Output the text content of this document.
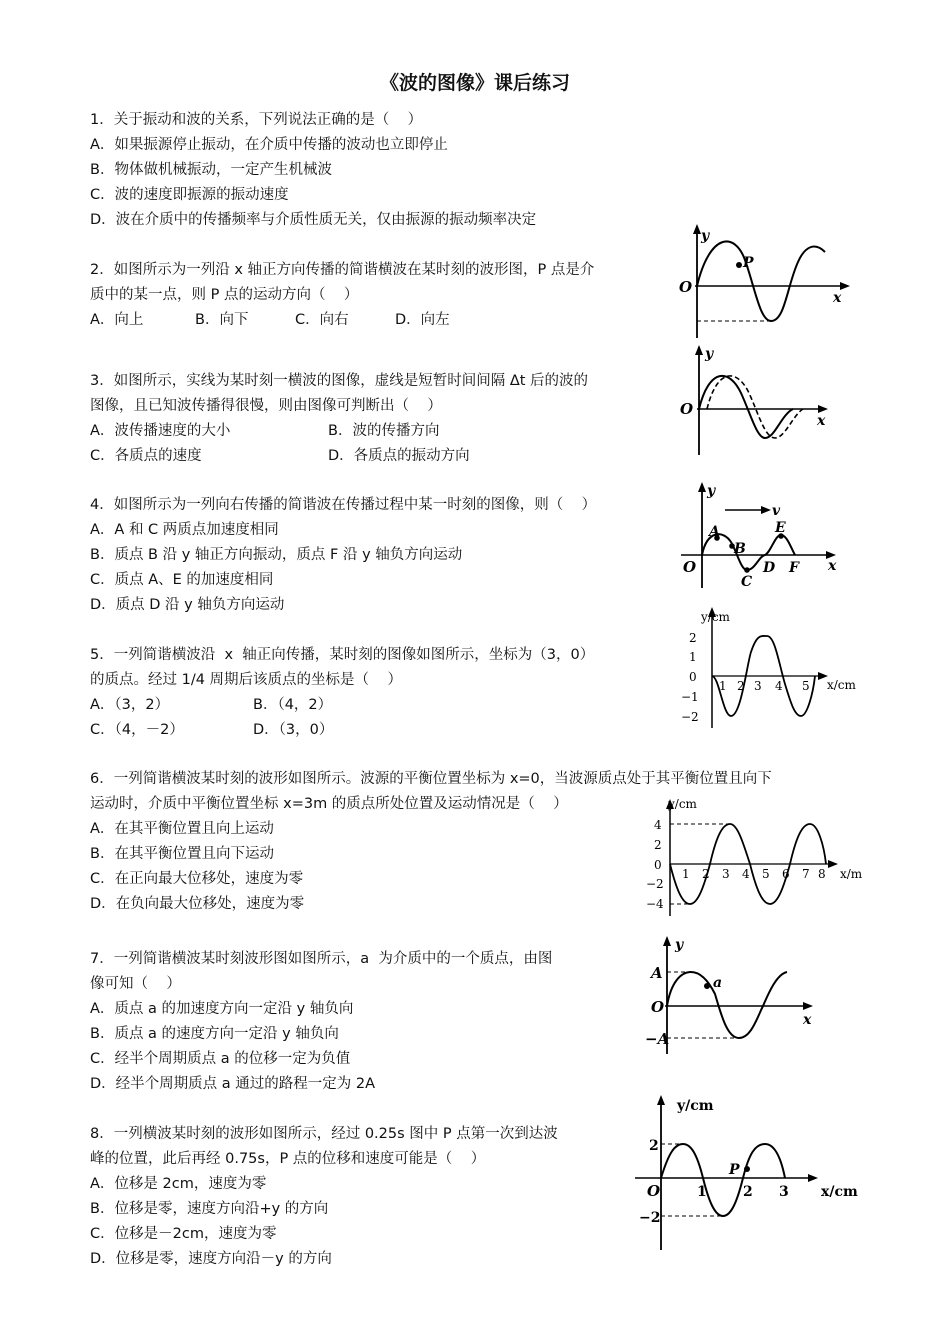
《波的图像》课后练习

1．关于振动和波的关系，下列说法正确的是（    ）

A．如果振源停止振动，在介质中传播的波动也立即停止

B．物体做机械振动，一定产生机械波

C．波的速度即振源的振动速度

D．波在介质中的传播频率与介质性质无关，仅由振源的振动频率决定

2．如图所示为一列沿 x 轴正方向传播的简谐横波在某时刻的波形图，P 点是介

质中的某一点，则 P 点的运动方向（    ）

A．向上	B．向下	C．向右	D．向左

3．如图所示，实线为某时刻一横波的图像，虚线是短暂时间间隔 Δt 后的波的

图像，且已知波传播得很慢，则由图像可判断出（    ）

A．波传播速度的大小	B．波的传播方向
C．各质点的速度	D．各质点的振动方向

4．如图所示为一列向右传播的简谐波在传播过程中某一时刻的图像，则（    ）

A．A 和 C 两质点加速度相同

B．质点 B 沿 y 轴正方向振动，质点 F 沿 y 轴负方向运动

C．质点 A、E 的加速度相同

D．质点 D 沿 y 轴负方向运动

5．一列简谐横波沿  x  轴正向传播，某时刻的图像如图所示，坐标为（3，0）

的质点。经过 1/4 周期后该质点的坐标是（    ）

A．（3，2）	B．（4，2）
C．（4，－2）	D．（3，0）

6．一列简谐横波某时刻的波形如图所示。波源的平衡位置坐标为 x=0，当波源质点处于其平衡位置且向下

运动时，介质中平衡位置坐标 x=3m 的质点所处位置及运动情况是（    ）

A．在其平衡位置且向上运动

B．在其平衡位置且向下运动

C．在正向最大位移处，速度为零

D．在负向最大位移处，速度为零

7．一列简谐横波某时刻波形图如图所示，a  为介质中的一个质点，由图

像可知（    ）

A．质点 a 的加速度方向一定沿 y 轴负向

B．质点 a 的速度方向一定沿 y 轴负向

C．经半个周期质点 a 的位移一定为负值

D．经半个周期质点 a 通过的路程一定为 2A

8．一列横波某时刻的波形如图所示，经过 0.25s 图中 P 点第一次到达波

峰的位置，此后再经 0.75s，P 点的位移和速度可能是（    ）

A．位移是 2cm，速度为零

B．位移是零，速度方向沿+y 的方向

C．位移是－2cm，速度为零

D．位移是零，速度方向沿－y 的方向

y
x
O
P
y
x
O
y
v
x
O
A
B
C
D
E
F
y/cm
x/cm
2
1
0
−1
−2
1 2 3 4 5
y/cm
x/m
4
2
0
−2
−4
1 2 3 4 5 6 7 8
y
x
O
A
−A
a
y/cm
x/cm
O
P
2
−2
1	2 3
